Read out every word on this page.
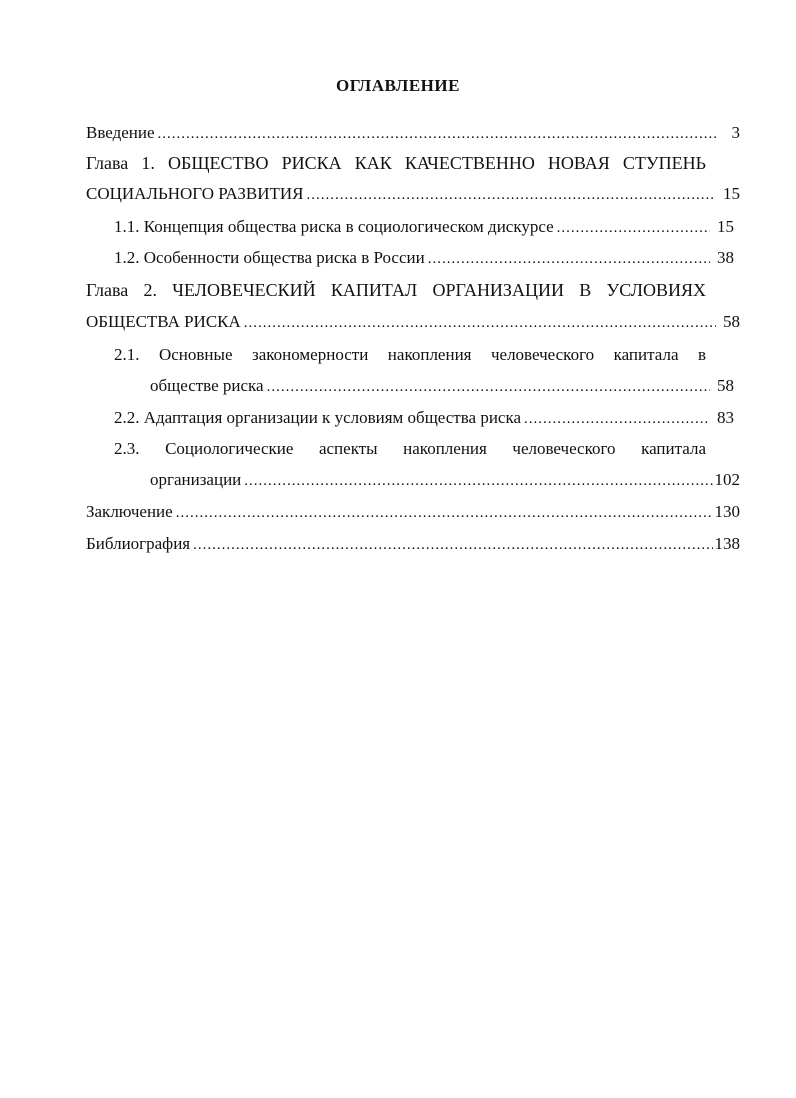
ОГЛАВЛЕНИЕ
Введение .....	3
Глава 1. ОБЩЕСТВО РИСКА КАК КАЧЕСТВЕННО НОВАЯ СТУПЕНЬ
СОЦИАЛЬНОГО РАЗВИТИЯ .....	15
1.1. Концепция общества риска в социологическом дискурсе .....	15
1.2. Особенности общества риска в России .....	38
Глава 2. ЧЕЛОВЕЧЕСКИЙ КАПИТАЛ ОРГАНИЗАЦИИ В УСЛОВИЯХ
ОБЩЕСТВА РИСКА .....	58
2.1. Основные закономерности накопления человеческого капитала в
обществе риска .....	58
2.2. Адаптация организации к условиям общества риска .....	83
2.3. Социологические аспекты накопления человеческого капитала
организации .....	102
Заключение .....	130
Библиография .....	138
